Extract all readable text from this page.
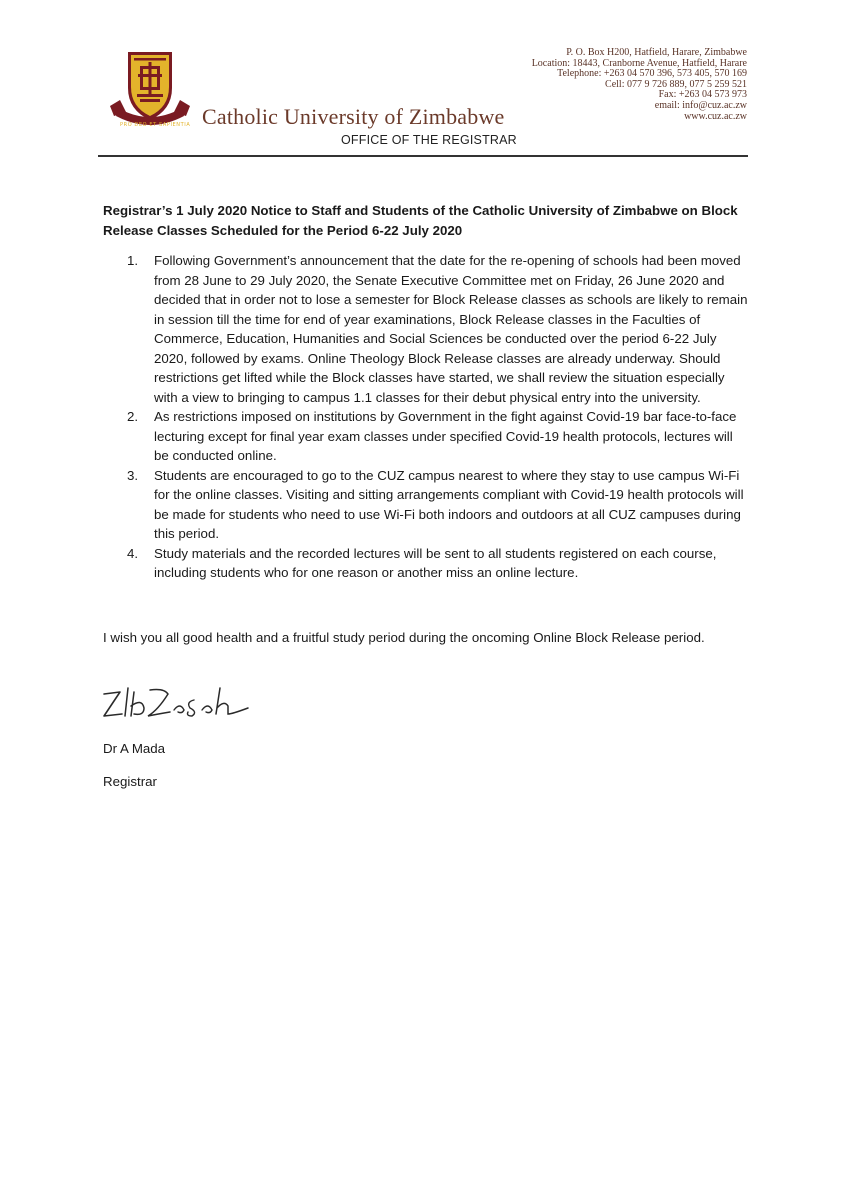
PRO DEO ET SAPIENTIA Catholic University of Zimbabwe
P. O. Box H200, Hatfield, Harare, Zimbabwe
Location: 18443, Cranborne Avenue, Hatfield, Harare
Telephone: +263 04 570 396, 573 405, 570 169
Cell: 077 9 726 889, 077 5 259 521
Fax: +263 04 573 973
email: info@cuz.ac.zw
www.cuz.ac.zw
OFFICE OF THE REGISTRAR
Registrar’s 1 July 2020 Notice to Staff and Students of the Catholic University of Zimbabwe on Block Release Classes Scheduled for the Period 6-22 July 2020
1. Following Government’s announcement that the date for the re-opening of schools had been moved from 28 June to 29 July 2020, the Senate Executive Committee met on Friday, 26 June 2020 and decided that in order not to lose a semester for Block Release classes as schools are likely to remain in session till the time for end of year examinations, Block Release classes in the Faculties of Commerce, Education, Humanities and Social Sciences be conducted over the period 6-22 July 2020, followed by exams. Online Theology Block Release classes are already underway. Should restrictions get lifted while the Block classes have started, we shall review the situation especially with a view to bringing to campus 1.1 classes for their debut physical entry into the university.
2. As restrictions imposed on institutions by Government in the fight against Covid-19 bar face-to-face lecturing except for final year exam classes under specified Covid-19 health protocols, lectures will be conducted online.
3. Students are encouraged to go to the CUZ campus nearest to where they stay to use campus Wi-Fi for the online classes. Visiting and sitting arrangements compliant with Covid-19 health protocols will be made for students who need to use Wi-Fi both indoors and outdoors at all CUZ campuses during this period.
4. Study materials and the recorded lectures will be sent to all students registered on each course, including students who for one reason or another miss an online lecture.
I wish you all good health and a fruitful study period during the oncoming Online Block Release period.
Dr A Mada
Registrar
